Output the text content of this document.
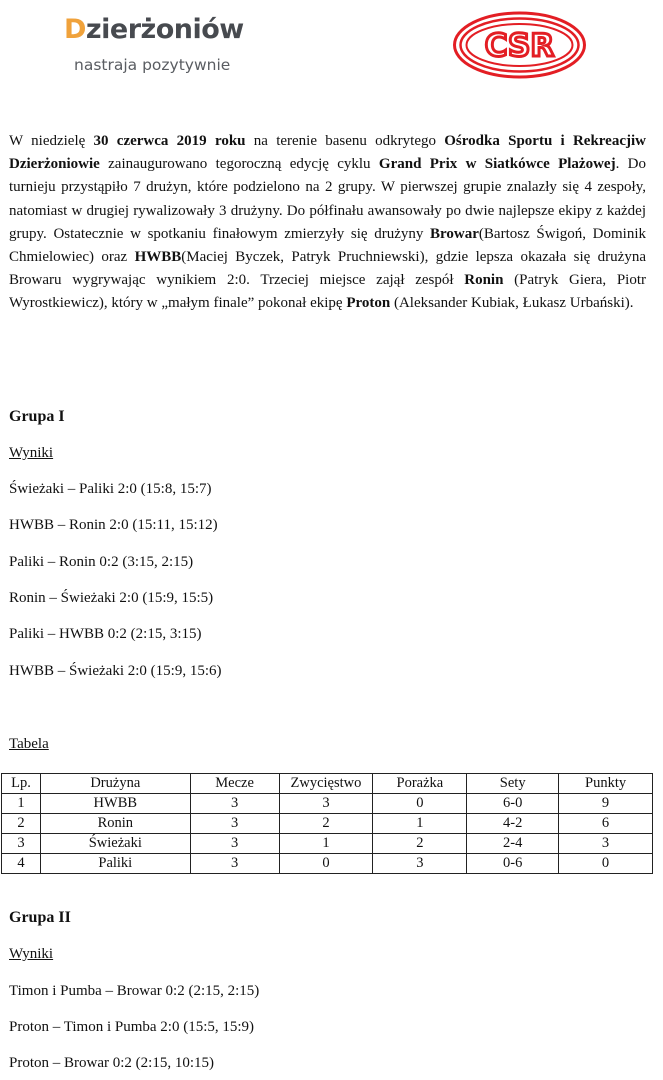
Dzierżoniów
nastraja pozytywnie
CSR
W niedzielę 30 czerwca 2019 roku na terenie basenu odkrytego Ośrodka Sportu i Rekreacjiw Dzierżoniowie zainaugurowano tegoroczną edycję cyklu Grand Prix w Siatkówce Plażowej. Do turnieju przystąpiło 7 drużyn, które podzielono na 2 grupy. W pierwszej grupie znalazły się 4 zespoły, natomiast w drugiej rywalizowały 3 drużyny. Do półfinału awansowały po dwie najlepsze ekipy z każdej grupy. Ostatecznie w spotkaniu finałowym zmierzyły się drużyny Browar(Bartosz Świgoń, Dominik Chmielowiec) oraz HWBB(Maciej Byczek, Patryk Pruchniewski), gdzie lepsza okazała się drużyna Browaru wygrywając wynikiem 2:0. Trzeciej miejsce zajął zespół Ronin (Patryk Giera, Piotr Wyrostkiewicz), który w „małym finale” pokonał ekipę Proton (Aleksander Kubiak, Łukasz Urbański).
Grupa I
Wyniki
Świeżaki – Paliki 2:0 (15:8, 15:7)
HWBB – Ronin 2:0 (15:11, 15:12)
Paliki – Ronin 0:2 (3:15, 2:15)
Ronin – Świeżaki 2:0 (15:9, 15:5)
Paliki – HWBB 0:2 (2:15, 3:15)
HWBB – Świeżaki 2:0 (15:9, 15:6)
Tabela
Lp.	Drużyna	Mecze	Zwycięstwo	Porażka	Sety	Punkty
1	HWBB	3	3	0	6-0	9
2	Ronin	3	2	1	4-2	6
3	Świeżaki	3	1	2	2-4	3
4	Paliki	3	0	3	0-6	0
Grupa II
Wyniki
Timon i Pumba – Browar 0:2 (2:15, 2:15)
Proton – Timon i Pumba 2:0 (15:5, 15:9)
Proton – Browar 0:2 (2:15, 10:15)
